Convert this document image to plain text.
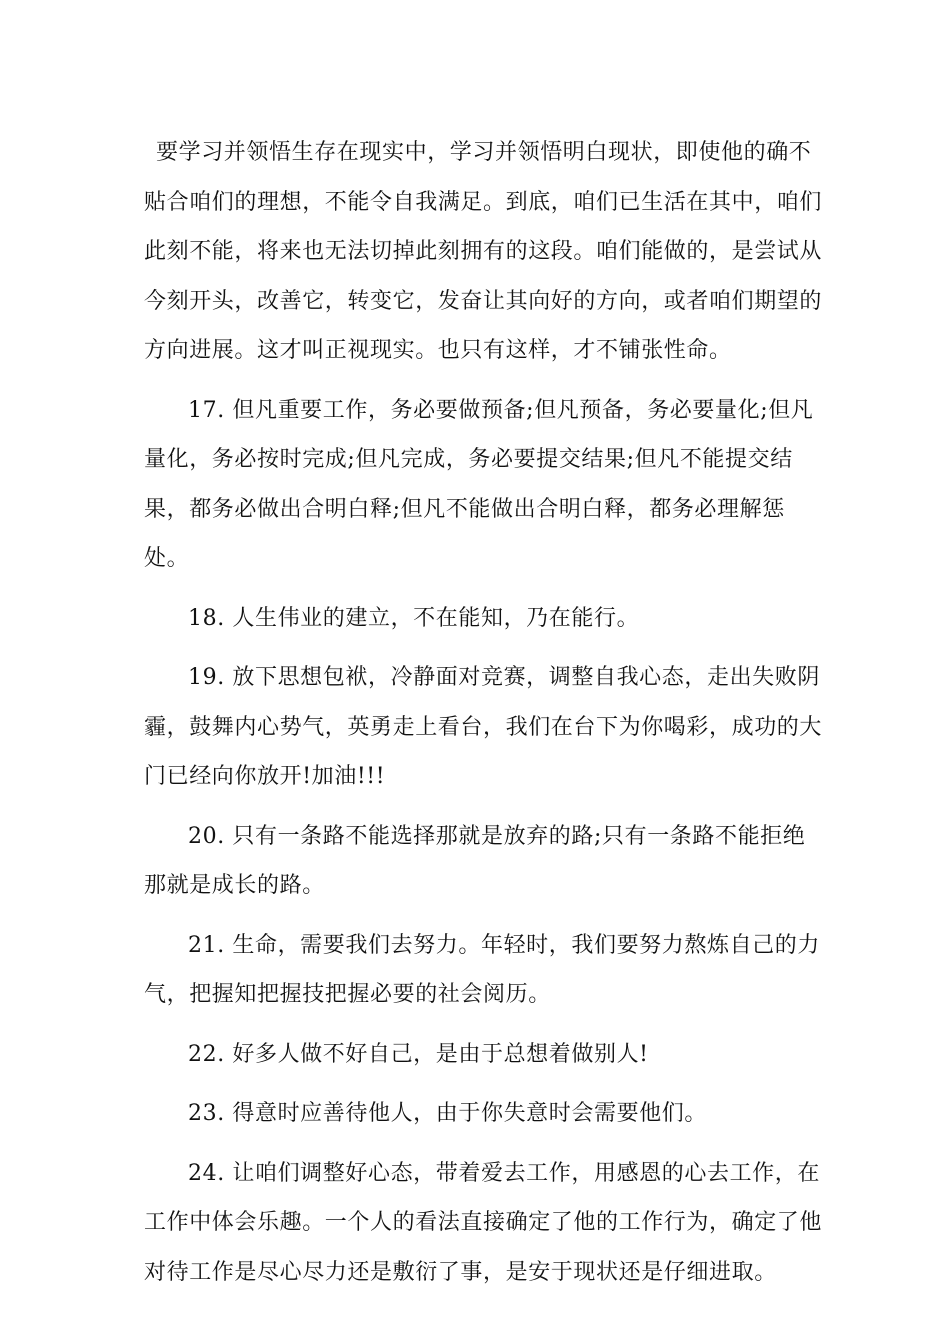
要学习并领悟生存在现实中，学习并领悟明白现状，即使他的确不贴合咱们的理想，不能令自我满足。到底，咱们已生活在其中，咱们此刻不能，将来也无法切掉此刻拥有的这段。咱们能做的，是尝试从今刻开头，改善它，转变它，发奋让其向好的方向，或者咱们期望的方向进展。这才叫正视现实。也只有这样，才不铺张性命。

17. 但凡重要工作，务必要做预备;但凡预备，务必要量化;但凡量化，务必按时完成;但凡完成，务必要提交结果;但凡不能提交结果，都务必做出合明白释;但凡不能做出合明白释，都务必理解惩处。

18. 人生伟业的建立，不在能知，乃在能行。

19. 放下思想包袱，冷静面对竞赛，调整自我心态，走出失败阴霾，鼓舞内心势气，英勇走上看台，我们在台下为你喝彩，成功的大门已经向你放开!加油!!!

20. 只有一条路不能选择那就是放弃的路;只有一条路不能拒绝那就是成长的路。

21. 生命，需要我们去努力。年轻时，我们要努力熬炼自己的力气，把握知把握技把握必要的社会阅历。

22. 好多人做不好自己，是由于总想着做别人!

23. 得意时应善待他人，由于你失意时会需要他们。

24. 让咱们调整好心态，带着爱去工作，用感恩的心去工作，在工作中体会乐趣。一个人的看法直接确定了他的工作行为，确定了他对待工作是尽心尽力还是敷衍了事，是安于现状还是仔细进取。
